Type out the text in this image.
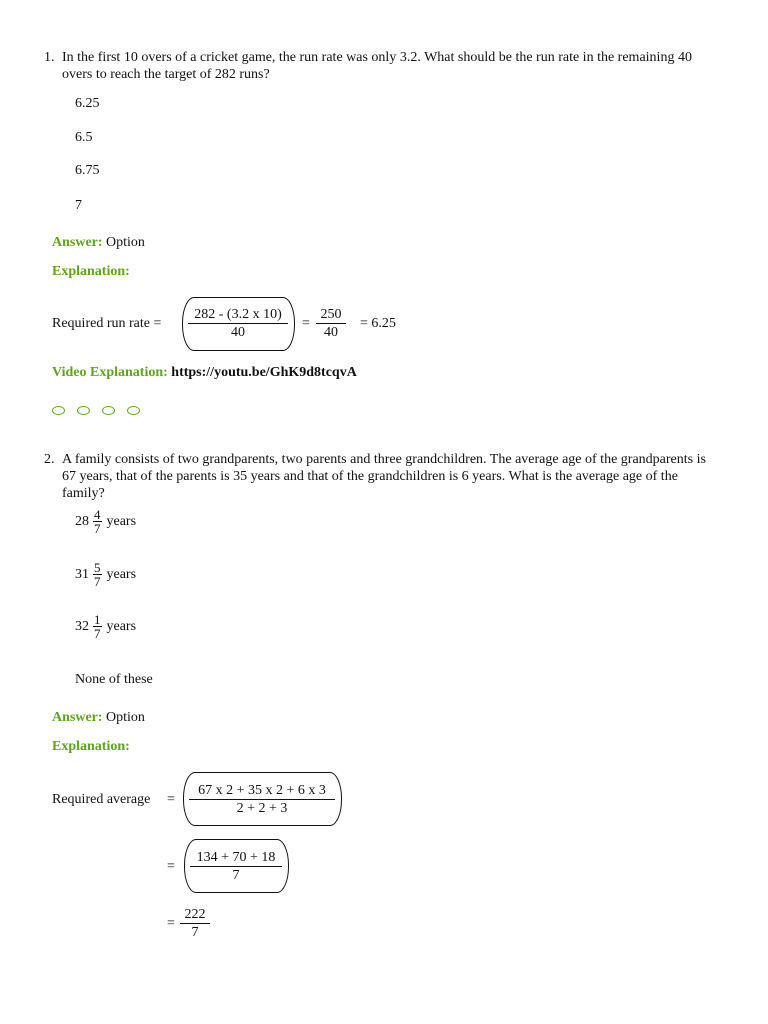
1. In the first 10 overs of a cricket game, the run rate was only 3.2. What should be the run rate in the remaining 40 overs to reach the target of 282 runs?
6.25
6.5
6.75
7
Answer: Option
Explanation:
Required run rate = $\frac{282 - (3.2 x 10)}{40} = \frac{250}{40} = 6.25$
Video Explanation: https://youtu.be/GhK9d8tcqvA
2. A family consists of two grandparents, two parents and three grandchildren. The average age of the grandparents is 67 years, that of the parents is 35 years and that of the grandchildren is 6 years. What is the average age of the family?
$28 \frac{4}{7}$ years
$31 \frac{5}{7}$ years
$32 \frac{1}{7}$ years
None of these
Answer: Option
Explanation:
Required average = $\frac{67 x 2 + 35 x 2 + 6 x 3}{2 + 2 + 3}$
= $\frac{134 + 70 + 18}{7}$
= $\frac{222}{7}$
